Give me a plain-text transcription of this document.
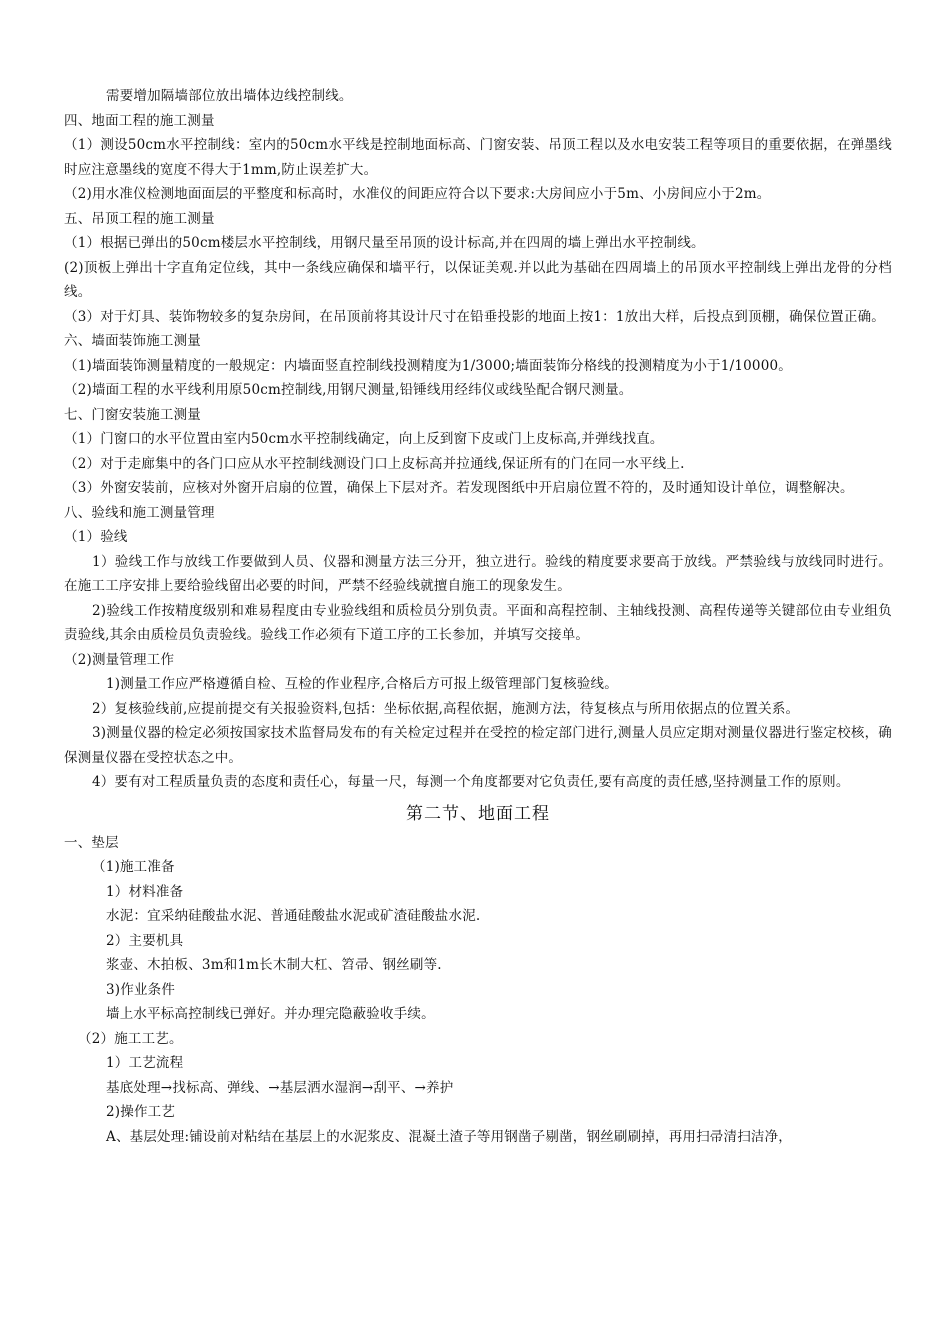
需要增加隔墙部位放出墙体边线控制线。

四、地面工程的施工测量

（1）测设50cm水平控制线：室内的50cm水平线是控制地面标高、门窗安装、吊顶工程以及水电安装工程等项目的重要依据，在弹墨线时应注意墨线的宽度不得大于1mm,防止误差扩大。

（2)用水准仪检测地面面层的平整度和标高时，水准仪的间距应符合以下要求:大房间应小于5m、小房间应小于2m。

五、吊顶工程的施工测量

（1）根据已弹出的50cm楼层水平控制线，用钢尺量至吊顶的设计标高,并在四周的墙上弹出水平控制线。

(2)顶板上弹出十字直角定位线，其中一条线应确保和墙平行，以保证美观.并以此为基础在四周墙上的吊顶水平控制线上弹出龙骨的分档线。

（3）对于灯具、装饰物较多的复杂房间，在吊顶前将其设计尺寸在铅垂投影的地面上按1：1放出大样，后投点到顶棚，确保位置正确。

六、墙面装饰施工测量

（1)墙面装饰测量精度的一般规定：内墙面竖直控制线投测精度为1/3000;墙面装饰分格线的投测精度为小于1/10000。

（2)墙面工程的水平线利用原50cm控制线,用钢尺测量,铅锤线用经纬仪或线坠配合钢尺测量。

七、门窗安装施工测量

（1）门窗口的水平位置由室内50cm水平控制线确定，向上反到窗下皮或门上皮标高,并弹线找直。

（2）对于走廊集中的各门口应从水平控制线测设门口上皮标高并拉通线,保证所有的门在同一水平线上.

（3）外窗安装前，应核对外窗开启扇的位置，确保上下层对齐。若发现图纸中开启扇位置不符的，及时通知设计单位，调整解决。

八、验线和施工测量管理

（1）验线

1）验线工作与放线工作要做到人员、仪器和测量方法三分开，独立进行。验线的精度要求要高于放线。严禁验线与放线同时进行。在施工工序安排上要给验线留出必要的时间，严禁不经验线就擅自施工的现象发生。

2)验线工作按精度级别和难易程度由专业验线组和质检员分别负责。平面和高程控制、主轴线投测、高程传递等关键部位由专业组负责验线,其余由质检员负责验线。验线工作必须有下道工序的工长参加，并填写交接单。

（2)测量管理工作

1)测量工作应严格遵循自检、互检的作业程序,合格后方可报上级管理部门复核验线。

2）复核验线前,应提前提交有关报验资料,包括：坐标依据,高程依据，施测方法，待复核点与所用依据点的位置关系。

3)测量仪器的检定必须按国家技术监督局发布的有关检定过程并在受控的检定部门进行,测量人员应定期对测量仪器进行鉴定校核，确保测量仪器在受控状态之中。

4）要有对工程质量负责的态度和责任心，每量一尺，每测一个角度都要对它负责任,要有高度的责任感,坚持测量工作的原则。

第二节、地面工程

一、垫层

（1)施工准备

1）材料准备

水泥：宜采纳硅酸盐水泥、普通硅酸盐水泥或矿渣硅酸盐水泥.

2）主要机具

浆壶、木拍板、3m和1m长木制大杠、笤帚、钢丝刷等.

3)作业条件

墙上水平标高控制线已弹好。并办理完隐蔽验收手续。

（2）施工工艺。

1）工艺流程

基底处理→找标高、弹线、→基层洒水湿润→刮平、→养护

2)操作工艺

A、基层处理:铺设前对粘结在基层上的水泥浆皮、混凝土渣子等用钢凿子剔凿，钢丝刷刷掉，再用扫帚清扫洁净，
